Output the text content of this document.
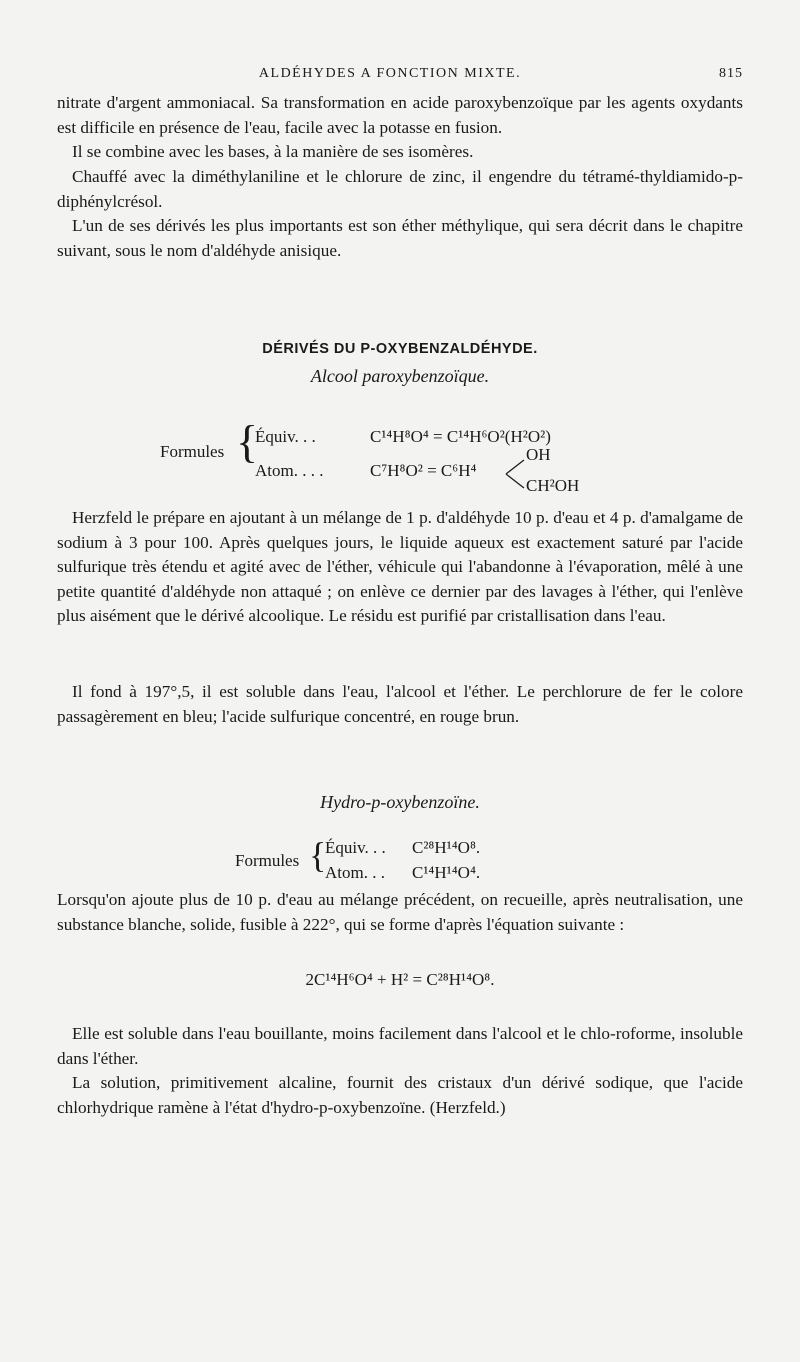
ALDÉHYDES A FONCTION MIXTE.	815

nitrate d'argent ammoniacal. Sa transformation en acide paroxybenzoïque par les agents oxydants est difficile en présence de l'eau, facile avec la potasse en fusion.

Il se combine avec les bases, à la manière de ses isomères.

Chauffé avec la diméthylaniline et le chlorure de zinc, il engendre du tétramé-thyldiamido-p-diphénylcrésol.

L'un de ses dérivés les plus importants est son éther méthylique, qui sera décrit dans le chapitre suivant, sous le nom d'aldéhyde anisique.

DÉRIVÉS DU P-OXYBENZALDÉHYDE.
Alcool paroxybenzoïque.
Formules {
Équiv. . .	C¹⁴H⁸O⁴ = C¹⁴H⁶O²(H²O²)
Atom. . . .	C⁷H⁸O² = C⁶H⁴
OH
CH²OH

Herzfeld le prépare en ajoutant à un mélange de 1 p. d'aldéhyde 10 p. d'eau et 4 p. d'amalgame de sodium à 3 pour 100. Après quelques jours, le liquide aqueux est exactement saturé par l'acide sulfurique très étendu et agité avec de l'éther, véhicule qui l'abandonne à l'évaporation, mêlé à une petite quantité d'aldéhyde non attaqué ; on enlève ce dernier par des lavages à l'éther, qui l'enlève plus aisément que le dérivé alcoolique. Le résidu est purifié par cristallisation dans l'eau.

Il fond à 197°,5, il est soluble dans l'eau, l'alcool et l'éther. Le perchlorure de fer le colore passagèrement en bleu; l'acide sulfurique concentré, en rouge brun.

Hydro-p-oxybenzoïne.
Formules {
Équiv. . . C²⁸H¹⁴O⁸.
Atom. . . C¹⁴H¹⁴O⁴.

Lorsqu'on ajoute plus de 10 p. d'eau au mélange précédent, on recueille, après neutralisation, une substance blanche, solide, fusible à 222°, qui se forme d'après l'équation suivante :

2C¹⁴H⁶O⁴ + H² = C²⁸H¹⁴O⁸.

Elle est soluble dans l'eau bouillante, moins facilement dans l'alcool et le chlo-roforme, insoluble dans l'éther.

La solution, primitivement alcaline, fournit des cristaux d'un dérivé sodique, que l'acide chlorhydrique ramène à l'état d'hydro-p-oxybenzoïne. (Herzfeld.)
